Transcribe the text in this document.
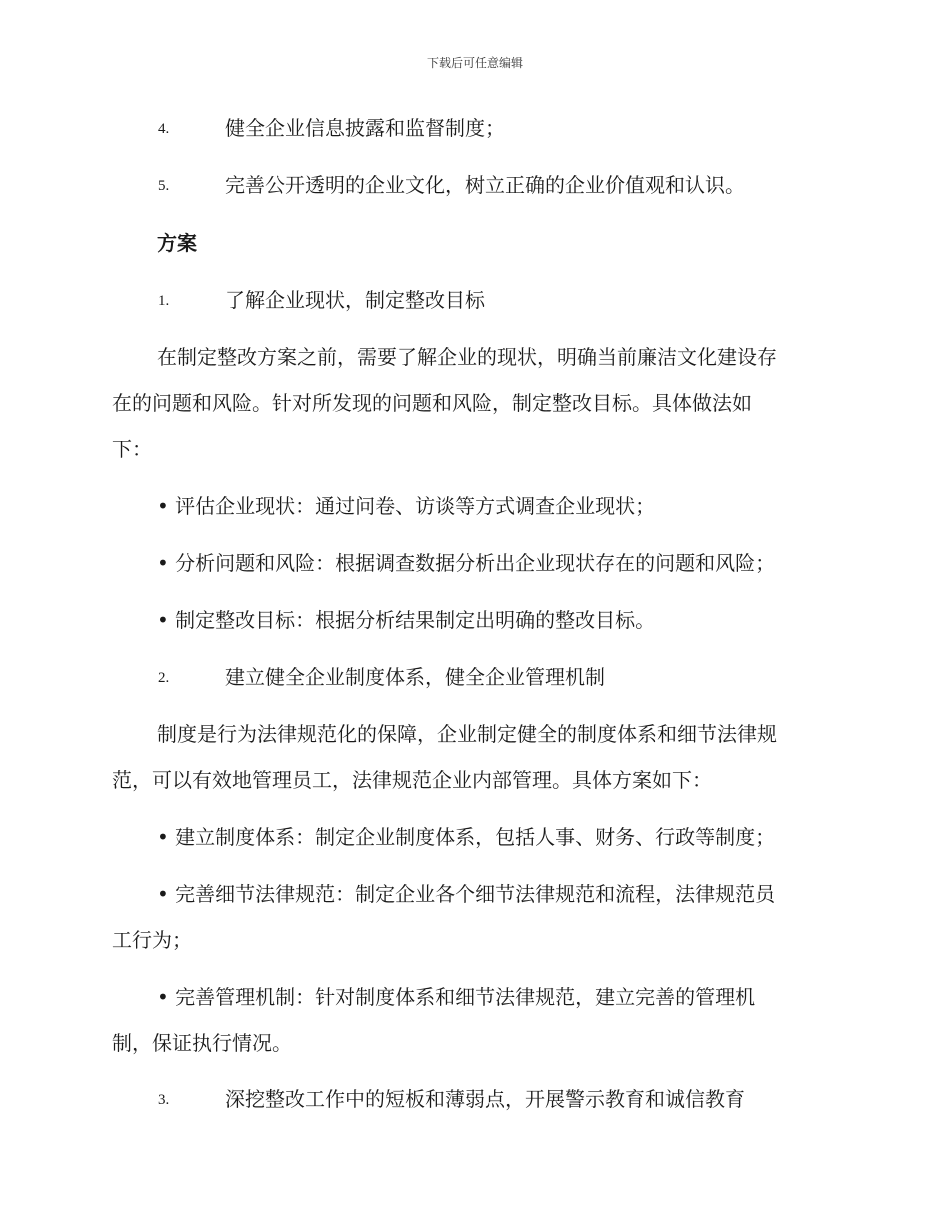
下载后可任意编辑
4.	健全企业信息披露和监督制度；
5.	完善公开透明的企业文化，树立正确的企业价值观和认识。
方案
1.	了解企业现状，制定整改目标
在制定整改方案之前，需要了解企业的现状，明确当前廉洁文化建设存
在的问题和风险。针对所发现的问题和风险，制定整改目标。具体做法如
下：
• 评估企业现状：通过问卷、访谈等方式调查企业现状；
• 分析问题和风险：根据调查数据分析出企业现状存在的问题和风险；
• 制定整改目标：根据分析结果制定出明确的整改目标。
2.	建立健全企业制度体系，健全企业管理机制
制度是行为法律规范化的保障，企业制定健全的制度体系和细节法律规
范，可以有效地管理员工，法律规范企业内部管理。具体方案如下：
• 建立制度体系：制定企业制度体系，包括人事、财务、行政等制度；
• 完善细节法律规范：制定企业各个细节法律规范和流程，法律规范员
工行为；
• 完善管理机制：针对制度体系和细节法律规范，建立完善的管理机
制，保证执行情况。
3.	深挖整改工作中的短板和薄弱点，开展警示教育和诚信教育
